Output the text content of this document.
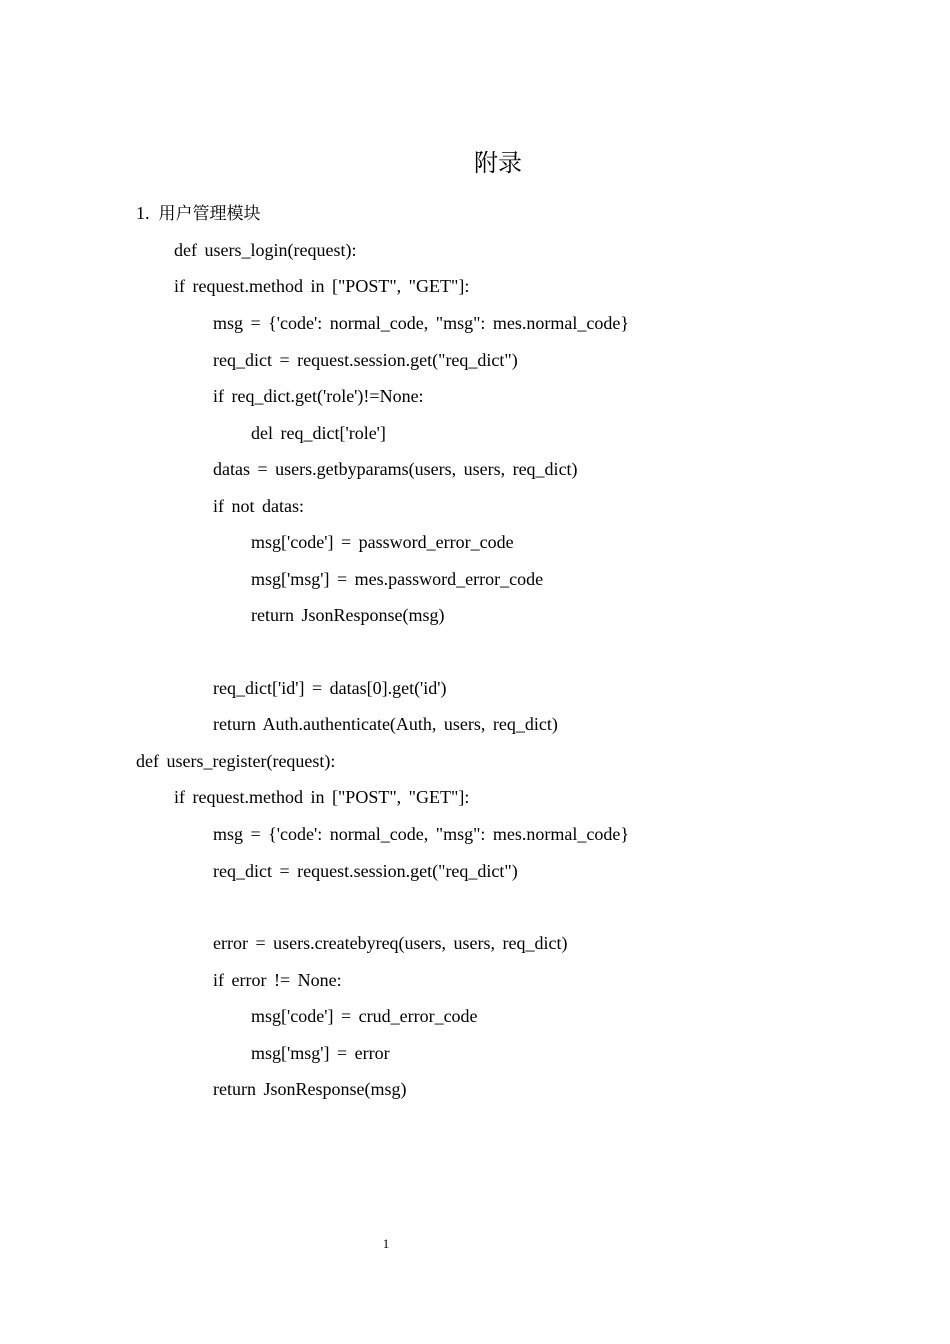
附录
1. 用户管理模块
def users_login(request):
if request.method in ["POST", "GET"]:
msg = {'code': normal_code, "msg": mes.normal_code}
req_dict = request.session.get("req_dict")
if req_dict.get('role')!=None:
del req_dict['role']
datas = users.getbyparams(users, users, req_dict)
if not datas:
msg['code'] = password_error_code
msg['msg'] = mes.password_error_code
return JsonResponse(msg)
req_dict['id'] = datas[0].get('id')
return Auth.authenticate(Auth, users, req_dict)
def users_register(request):
if request.method in ["POST", "GET"]:
msg = {'code': normal_code, "msg": mes.normal_code}
req_dict = request.session.get("req_dict")
error = users.createbyreq(users, users, req_dict)
if error != None:
msg['code'] = crud_error_code
msg['msg'] = error
return JsonResponse(msg)
1
